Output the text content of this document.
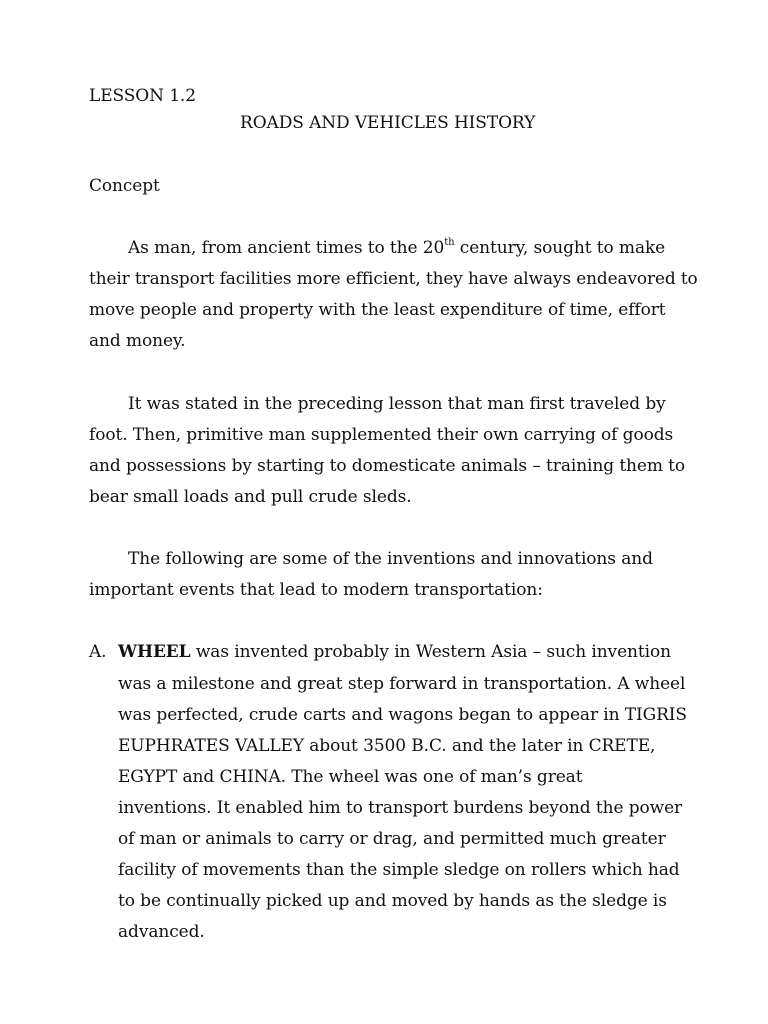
LESSON 1.2
ROADS AND VEHICLES HISTORY
Concept
As man, from ancient times to the 20th century, sought to make
their transport facilities more efficient, they have always endeavored to
move people and property with the least expenditure of time, effort
and money.
It was stated in the preceding lesson that man first traveled by
foot. Then, primitive man supplemented their own carrying of goods
and possessions by starting to domesticate animals – training them to
bear small loads and pull crude sleds.
The following are some of the inventions and innovations and
important events that lead to modern transportation:
A. WHEEL was invented probably in Western Asia – such invention
was a milestone and great step forward in transportation. A wheel
was perfected, crude carts and wagons began to appear in TIGRIS
EUPHRATES VALLEY about 3500 B.C. and the later in CRETE,
EGYPT and CHINA. The wheel was one of man’s great
inventions. It enabled him to transport burdens beyond the power
of man or animals to carry or drag, and permitted much greater
facility of movements than the simple sledge on rollers which had
to be continually picked up and moved by hands as the sledge is
advanced.
